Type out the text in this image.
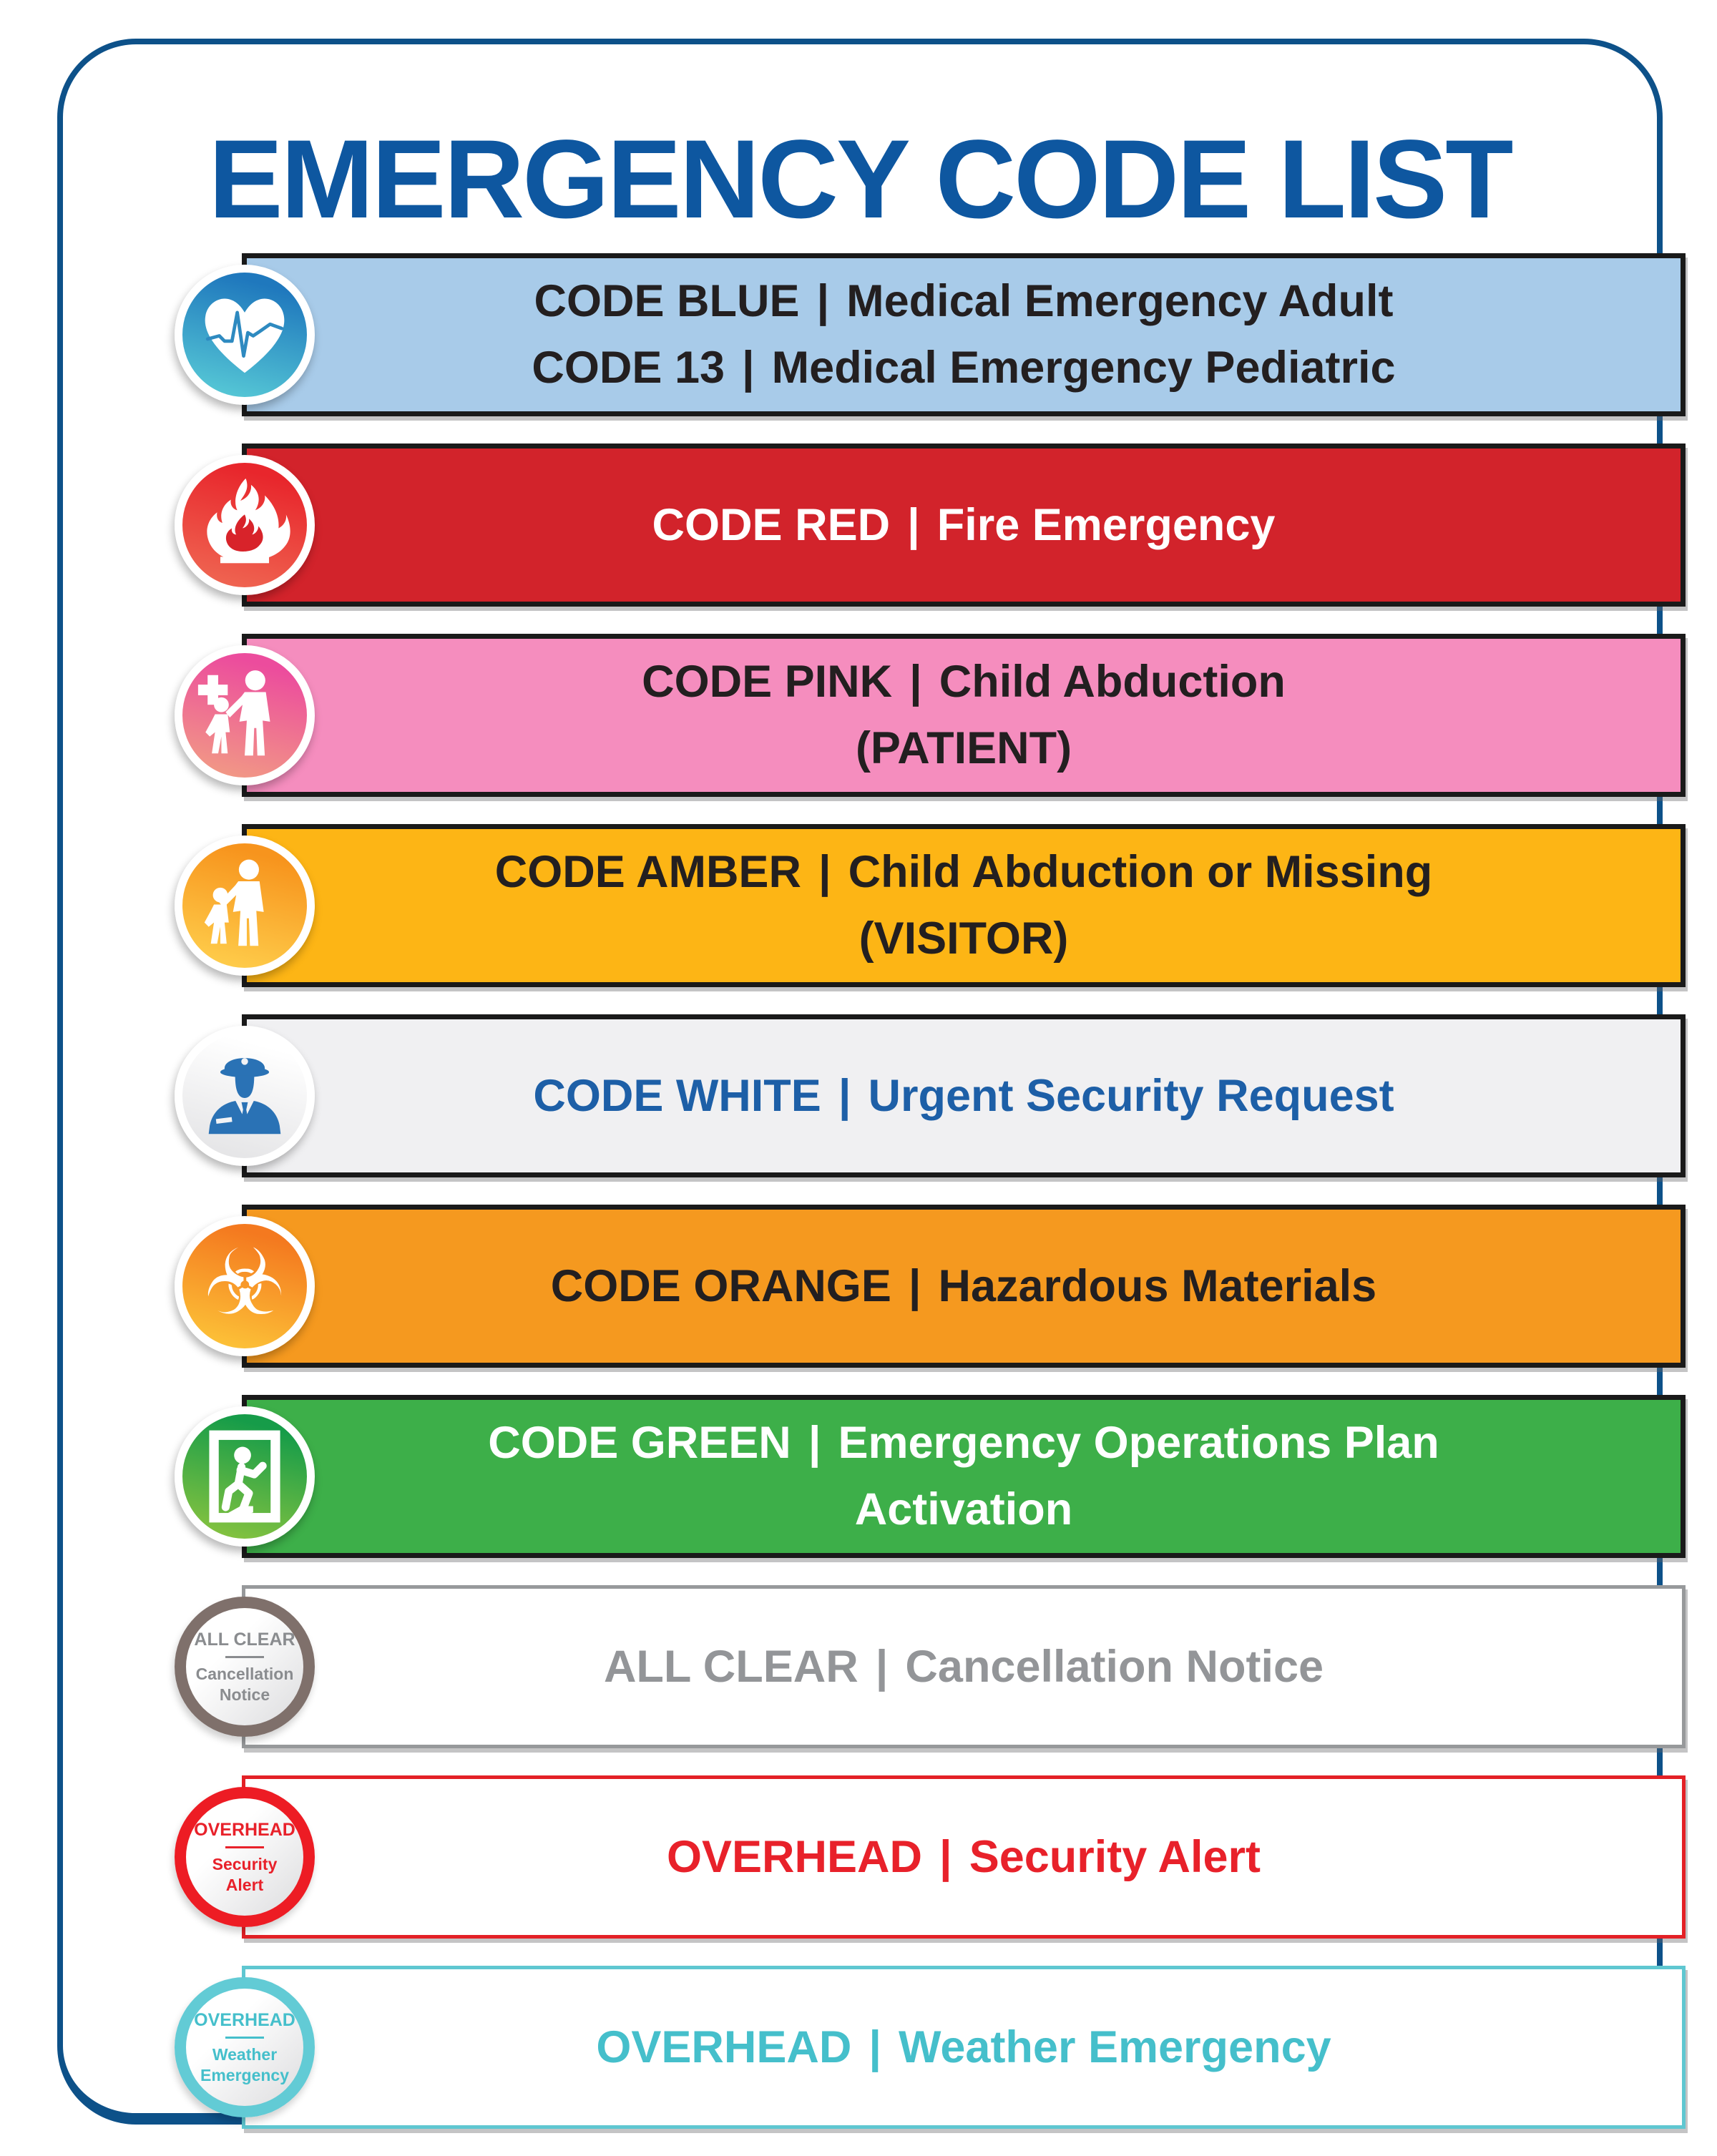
EMERGENCY CODE LIST
CODE BLUE | Medical Emergency Adult
CODE 13 | Medical Emergency Pediatric
CODE RED | Fire Emergency
CODE PINK | Child Abduction
(PATIENT)
CODE AMBER | Child Abduction or Missing
(VISITOR)
CODE WHITE | Urgent Security Request
CODE ORANGE | Hazardous Materials
☣
CODE GREEN | Emergency Operations Plan
Activation
ALL CLEAR | Cancellation Notice
ALL CLEAR
Cancellation
Notice
OVERHEAD | Security Alert
OVERHEAD
Security
Alert
OVERHEAD | Weather Emergency
OVERHEAD
Weather
Emergency
